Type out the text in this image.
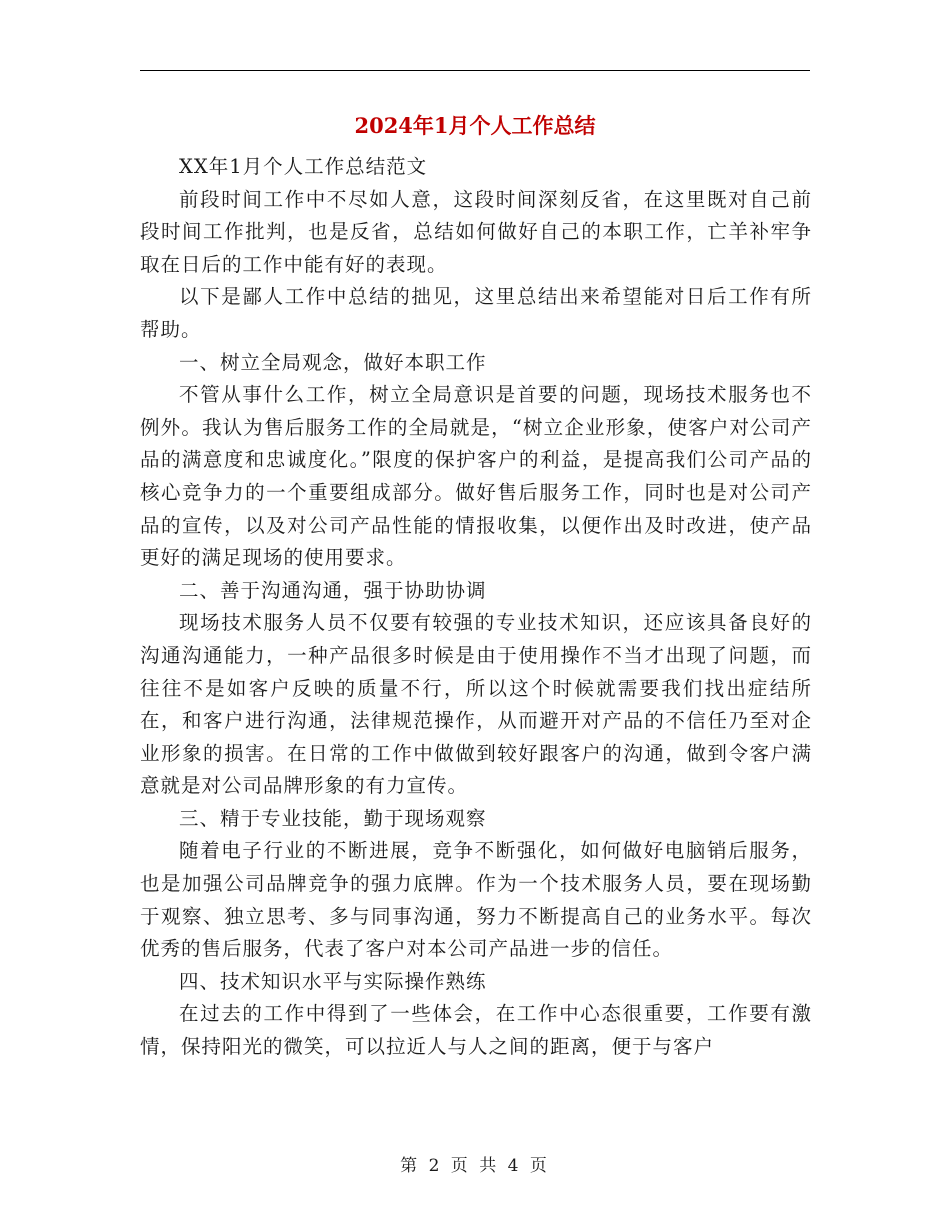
2024年1月个人工作总结

XX年1月个人工作总结范文

前段时间工作中不尽如人意，这段时间深刻反省，在这里既对自己前段时间工作批判，也是反省，总结如何做好自己的本职工作，亡羊补牢争取在日后的工作中能有好的表现。

以下是鄙人工作中总结的拙见，这里总结出来希望能对日后工作有所帮助。

一、树立全局观念，做好本职工作

不管从事什么工作，树立全局意识是首要的问题，现场技术服务也不例外。我认为售后服务工作的全局就是，“树立企业形象，使客户对公司产品的满意度和忠诚度化。”限度的保护客户的利益，是提高我们公司产品的核心竞争力的一个重要组成部分。做好售后服务工作，同时也是对公司产品的宣传，以及对公司产品性能的情报收集，以便作出及时改进，使产品更好的满足现场的使用要求。

二、善于沟通沟通，强于协助协调

现场技术服务人员不仅要有较强的专业技术知识，还应该具备良好的沟通沟通能力，一种产品很多时候是由于使用操作不当才出现了问题，而往往不是如客户反映的质量不行，所以这个时候就需要我们找出症结所在，和客户进行沟通，法律规范操作，从而避开对产品的不信任乃至对企业形象的损害。在日常的工作中做做到较好跟客户的沟通，做到令客户满意就是对公司品牌形象的有力宣传。

三、精于专业技能，勤于现场观察

随着电子行业的不断进展，竞争不断强化，如何做好电脑销后服务，也是加强公司品牌竞争的强力底牌。作为一个技术服务人员，要在现场勤于观察、独立思考、多与同事沟通，努力不断提高自己的业务水平。每次优秀的售后服务，代表了客户对本公司产品进一步的信任。

四、技术知识水平与实际操作熟练

在过去的工作中得到了一些体会，在工作中心态很重要，工作要有激情，保持阳光的微笑，可以拉近人与人之间的距离，便于与客户

第 2 页 共 4 页
